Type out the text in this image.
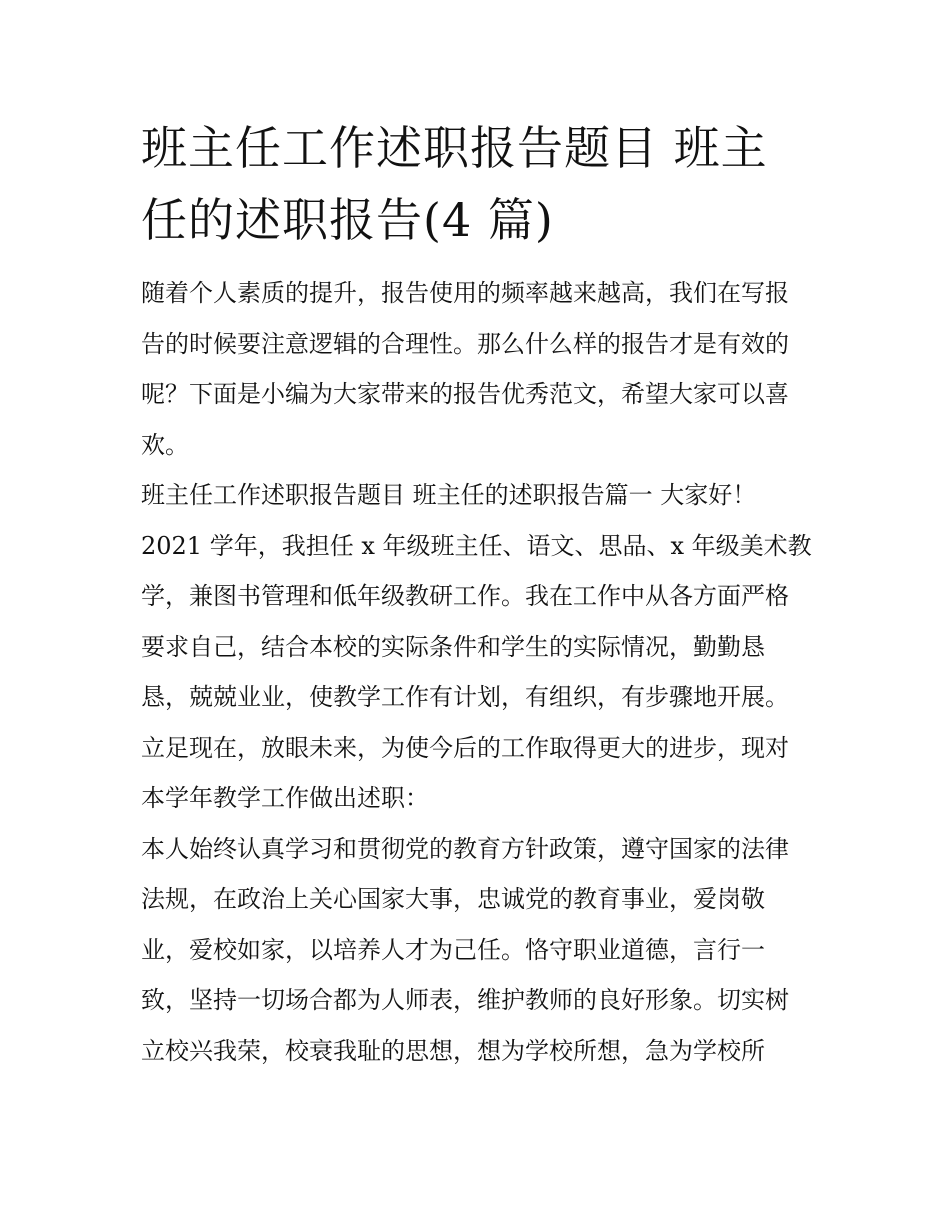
班主任工作述职报告题目 班主
任的述职报告(4 篇)
随着个人素质的提升，报告使用的频率越来越高，我们在写报
告的时候要注意逻辑的合理性。那么什么样的报告才是有效的
呢？下面是小编为大家带来的报告优秀范文，希望大家可以喜
欢。
班主任工作述职报告题目 班主任的述职报告篇一 大家好！
2021 学年，我担任 x 年级班主任、语文、思品、x 年级美术教
学，兼图书管理和低年级教研工作。我在工作中从各方面严格
要求自己，结合本校的实际条件和学生的实际情况，勤勤恳
恳，兢兢业业，使教学工作有计划，有组织，有步骤地开展。
立足现在，放眼未来，为使今后的工作取得更大的进步，现对
本学年教学工作做出述职：
本人始终认真学习和贯彻党的教育方针政策，遵守国家的法律
法规，在政治上关心国家大事，忠诚党的教育事业，爱岗敬
业，爱校如家，以培养人才为己任。恪守职业道德，言行一
致，坚持一切场合都为人师表，维护教师的良好形象。切实树
立校兴我荣，校衰我耻的思想，想为学校所想，急为学校所
